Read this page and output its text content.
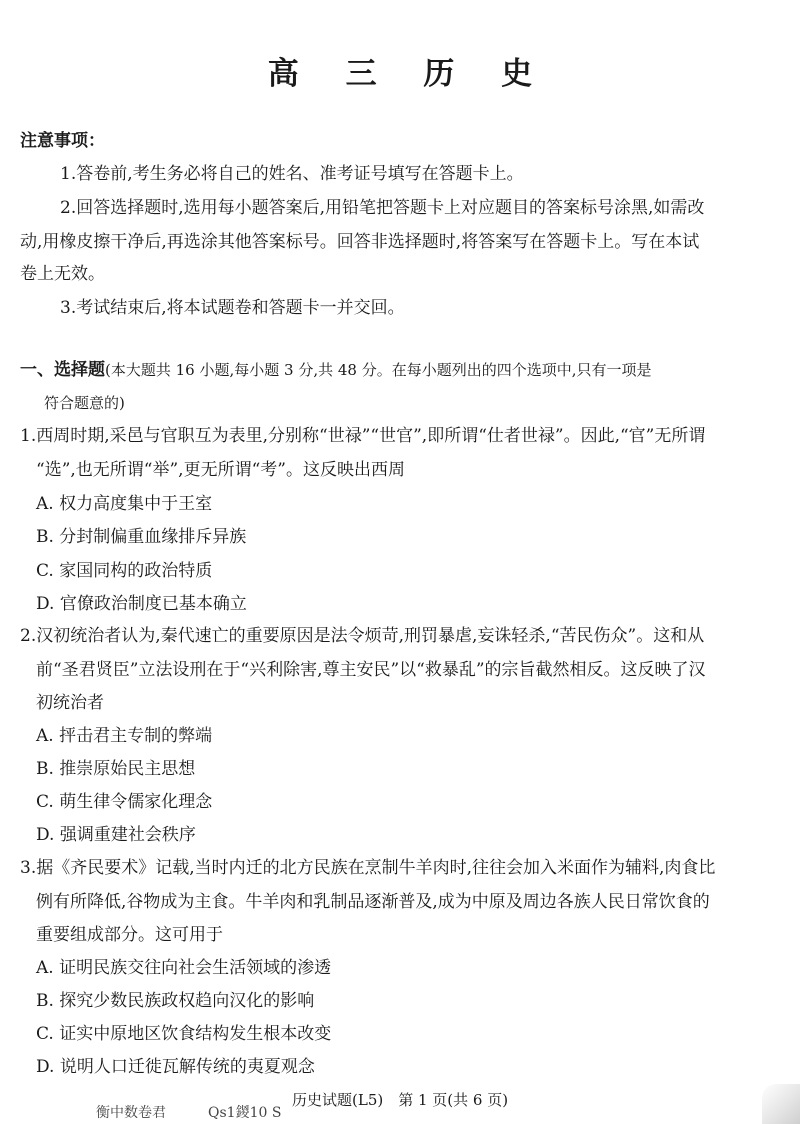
高 三 历 史
注意事项：
1.答卷前,考生务必将自己的姓名、准考证号填写在答题卡上。
2.回答选择题时,选用每小题答案后,用铅笔把答题卡上对应题目的答案标号涂黑,如需改
动,用橡皮擦干净后,再选涂其他答案标号。回答非选择题时,将答案写在答题卡上。写在本试
卷上无效。
3.考试结束后,将本试题卷和答题卡一并交回。
一、选择题(本大题共 16 小题,每小题 3 分,共 48 分。在每小题列出的四个选项中,只有一项是
符合题意的)
1.西周时期,采邑与官职互为表里,分别称“世禄”“世官”,即所谓“仕者世禄”。因此,“官”无所谓
“选”,也无所谓“举”,更无所谓“考”。这反映出西周
A. 权力高度集中于王室
B. 分封制偏重血缘排斥异族
C. 家国同构的政治特质
D. 官僚政治制度已基本确立
2.汉初统治者认为,秦代速亡的重要原因是法令烦苛,刑罚暴虐,妄诛轻杀,“苦民伤众”。这和从
前“圣君贤臣”立法设刑在于“兴利除害,尊主安民”以“救暴乱”的宗旨截然相反。这反映了汉
初统治者
A. 抨击君主专制的弊端
B. 推崇原始民主思想
C. 萌生律令儒家化理念
D. 强调重建社会秩序
3.据《齐民要术》记载,当时内迁的北方民族在烹制牛羊肉时,往往会加入米面作为辅料,肉食比
例有所降低,谷物成为主食。牛羊肉和乳制品逐渐普及,成为中原及周边各族人民日常饮食的
重要组成部分。这可用于
A. 证明民族交往向社会生活领域的渗透
B. 探究少数民族政权趋向汉化的影响
C. 证实中原地区饮食结构发生根本改变
D. 说明人口迁徙瓦解传统的夷夏观念
衡中数卷君	Qs1鍐10 S
历史试题(L5)　第 1 页(共 6 页)
